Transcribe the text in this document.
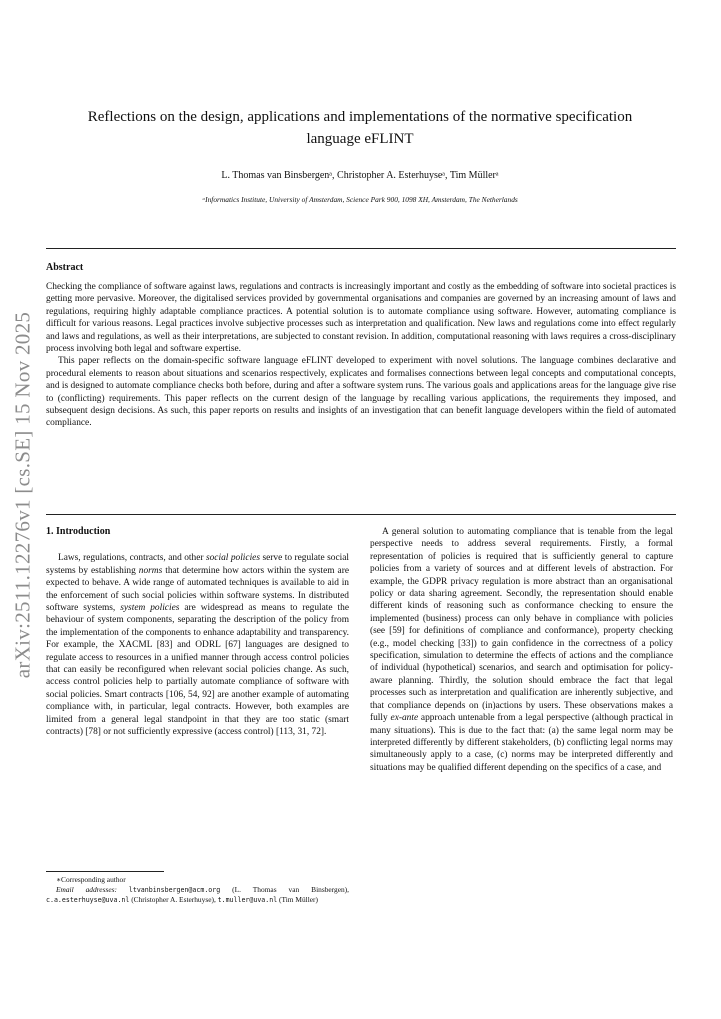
arXiv:2511.12276v1 [cs.SE] 15 Nov 2025
Reflections on the design, applications and implementations of the normative specification language eFLINT
L. Thomas van Binsbergenᵃ, Christopher A. Esterhuyseᵃ, Tim Müllerᵃ
ᵃInformatics Institute, University of Amsterdam, Science Park 900, 1098 XH, Amsterdam, The Netherlands
Abstract

Checking the compliance of software against laws, regulations and contracts is increasingly important and costly as the embedding of software into societal practices is getting more pervasive. Moreover, the digitalised services provided by governmental organisations and companies are governed by an increasing amount of laws and regulations, requiring highly adaptable compliance practices. A potential solution is to automate compliance using software. However, automating compliance is difficult for various reasons. Legal practices involve subjective processes such as interpretation and qualification. New laws and regulations come into effect regularly and laws and regulations, as well as their interpretations, are subjected to constant revision. In addition, computational reasoning with laws requires a cross-disciplinary process involving both legal and software expertise.

This paper reflects on the domain-specific software language eFLINT developed to experiment with novel solutions. The language combines declarative and procedural elements to reason about situations and scenarios respectively, explicates and formalises connections between legal concepts and computational concepts, and is designed to automate compliance checks both before, during and after a software system runs. The various goals and applications areas for the language give rise to (conflicting) requirements. This paper reflects on the current design of the language by recalling various applications, the requirements they imposed, and subsequent design decisions. As such, this paper reports on results and insights of an investigation that can benefit language developers within the field of automated compliance.

1. Introduction

Laws, regulations, contracts, and other social policies serve to regulate social systems by establishing norms that determine how actors within the system are expected to behave. A wide range of automated techniques is available to aid in the enforcement of such social policies within software systems. In distributed software systems, system policies are widespread as means to regulate the behaviour of system components, separating the description of the policy from the implementation of the components to enhance adaptability and transparency. For example, the XACML [83] and ODRL [67] languages are designed to regulate access to resources in a unified manner through access control policies that can easily be reconfigured when relevant social policies change. As such, access control policies help to partially automate compliance of software with social policies. Smart contracts [106, 54, 92] are another example of automating compliance with, in particular, legal contracts. However, both examples are limited from a general legal standpoint in that they are too static (smart contracts) [78] or not sufficiently expressive (access control) [113, 31, 72].

A general solution to automating compliance that is tenable from the legal perspective needs to address several requirements. Firstly, a formal representation of policies is required that is sufficiently general to capture policies from a variety of sources and at different levels of abstraction. For example, the GDPR privacy regulation is more abstract than an organisational policy or data sharing agreement. Secondly, the representation should enable different kinds of reasoning such as conformance checking to ensure the implemented (business) process can only behave in compliance with policies (see [59] for definitions of compliance and conformance), property checking (e.g., model checking [33]) to gain confidence in the correctness of a policy specification, simulation to determine the effects of actions and the compliance of individual (hypothetical) scenarios, and search and optimisation for policy-aware planning. Thirdly, the solution should embrace the fact that legal processes such as interpretation and qualification are inherently subjective, and that compliance depends on (in)actions by users. These observations makes a fully ex-ante approach untenable from a legal perspective (although practical in many situations). This is due to the fact that: (a) the same legal norm may be interpreted differently by different stakeholders, (b) conflicting legal norms may simultaneously apply to a case, (c) norms may be interpreted differently and situations may be qualified different depending on the specifics of a case, and

∗Corresponding author

Email addresses: ltvanbinsbergen@acm.org (L. Thomas van Binsbergen), c.a.esterhuyse@uva.nl (Christopher A. Esterhuyse), t.muller@uva.nl (Tim Müller)
